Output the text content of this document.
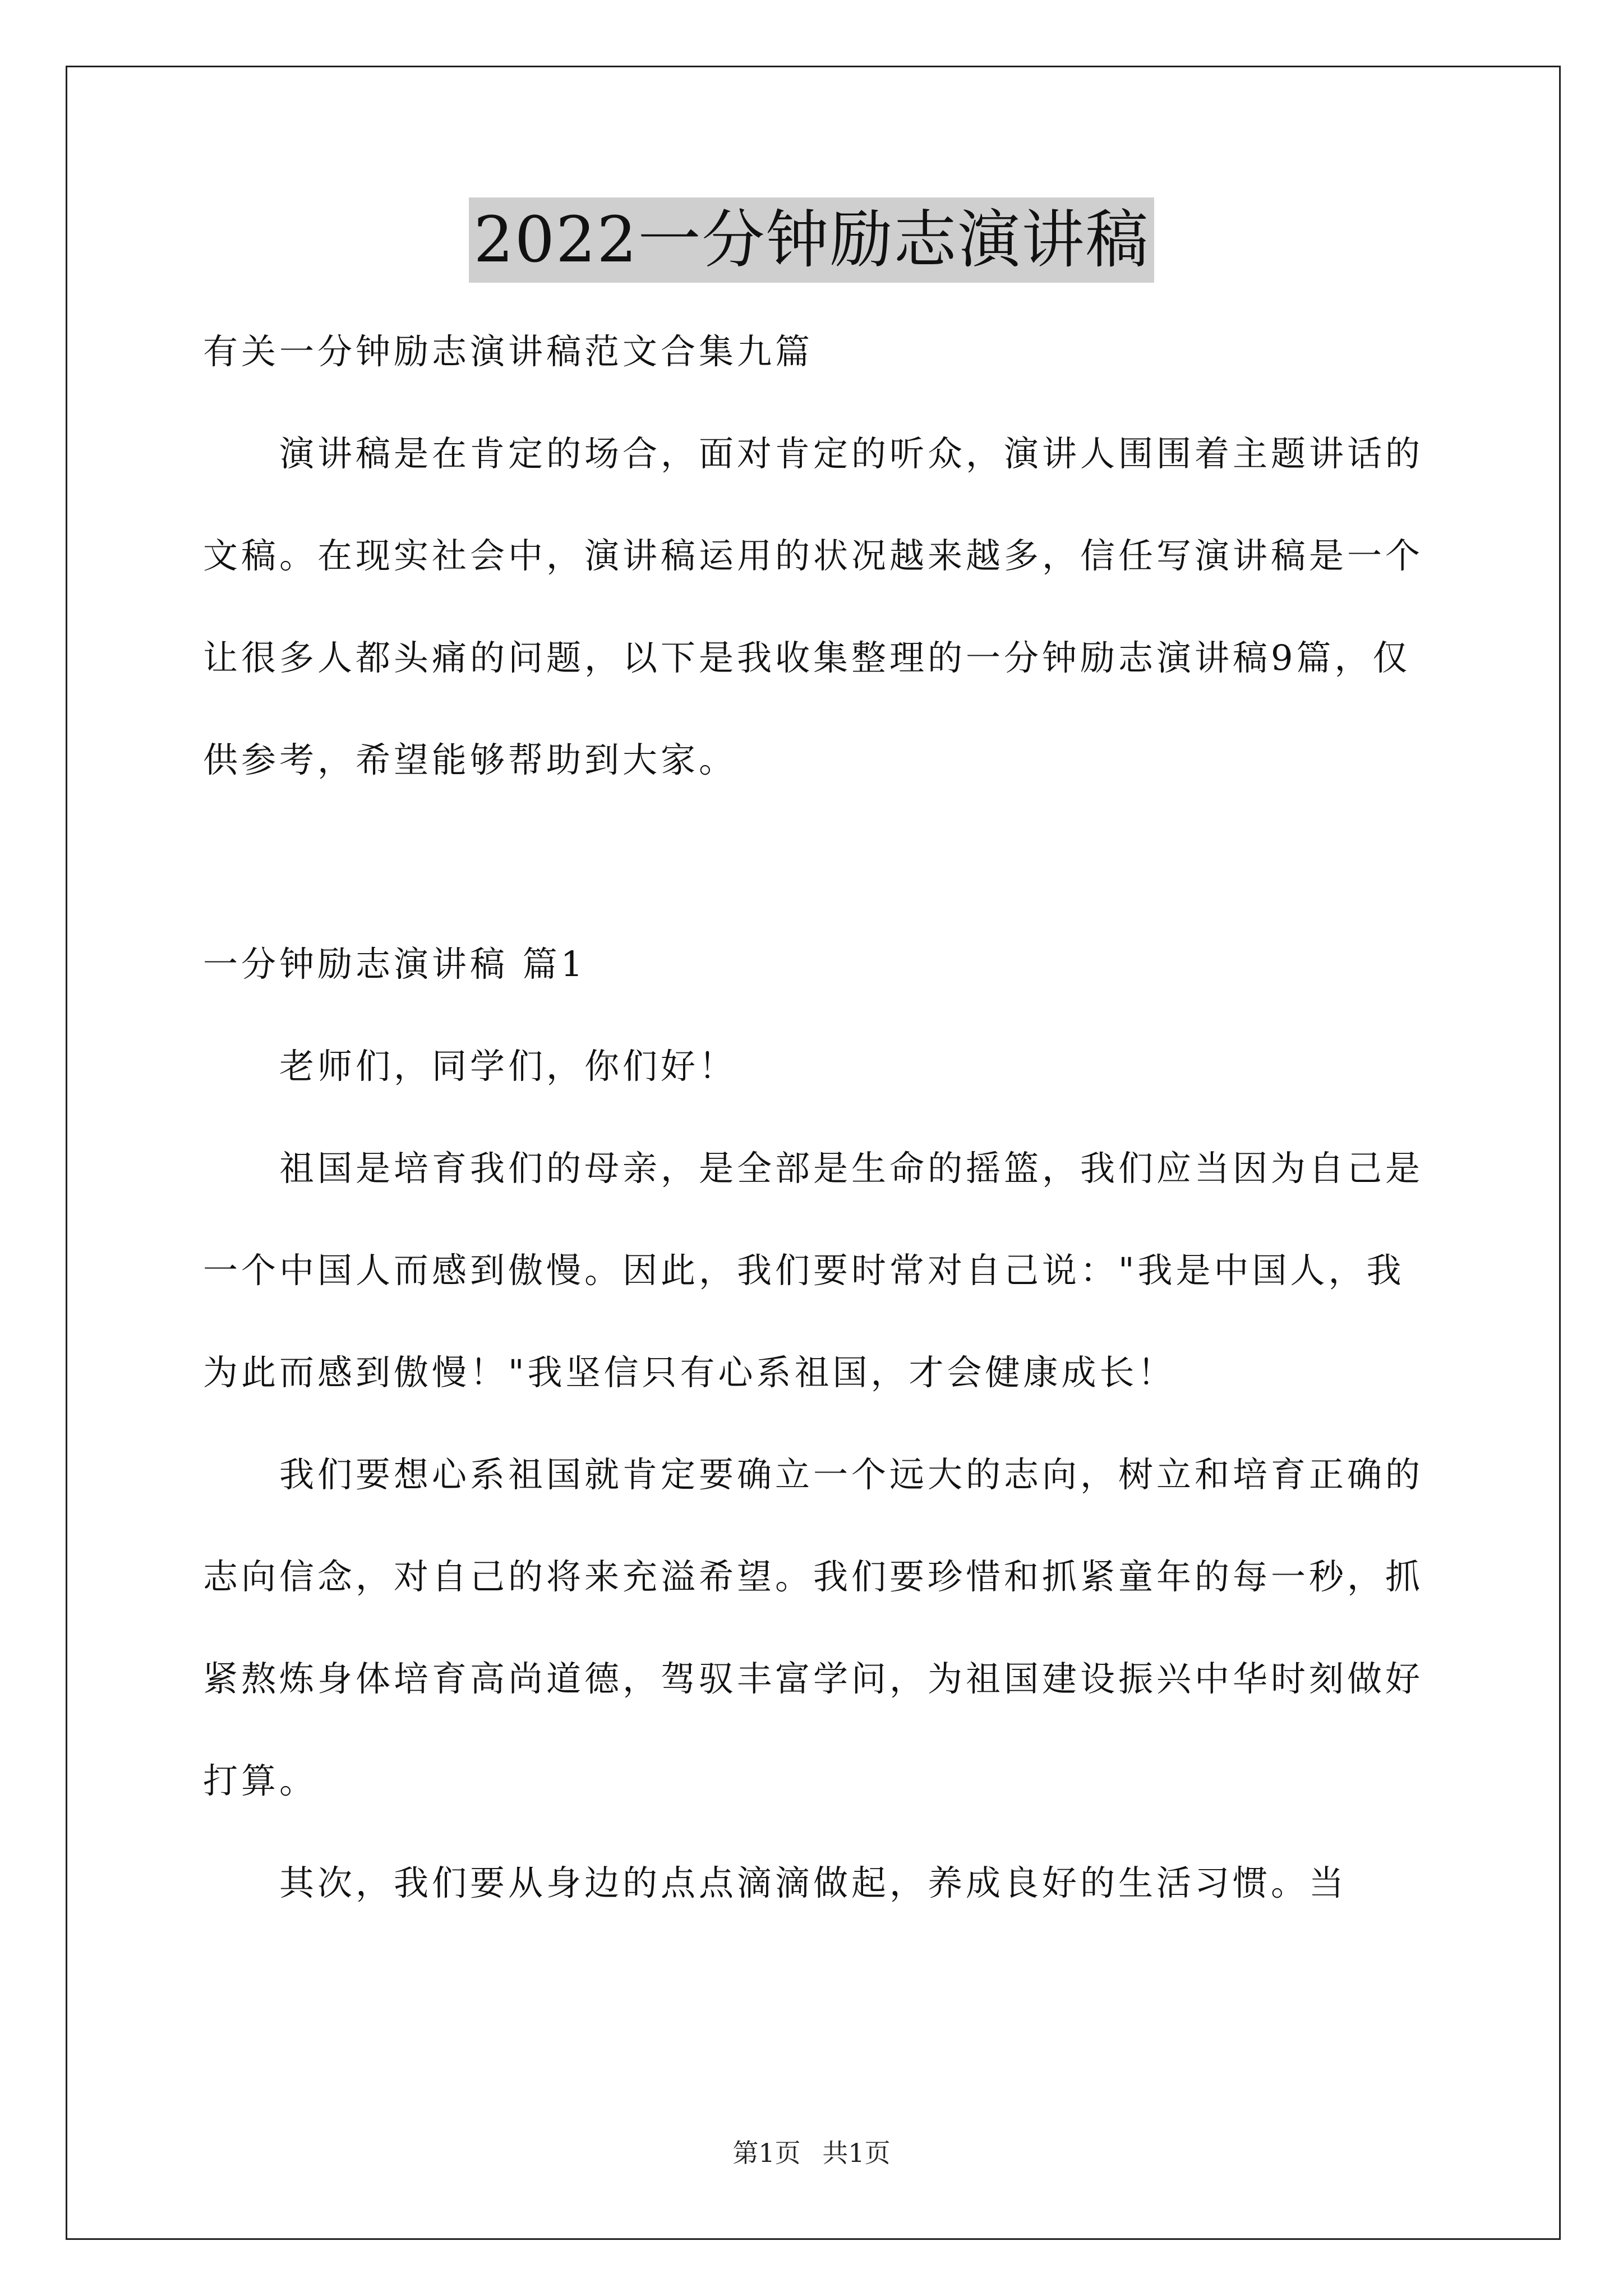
2022一分钟励志演讲稿

有关一分钟励志演讲稿范文合集九篇

演讲稿是在肯定的场合，面对肯定的听众，演讲人围围着主题讲话的文稿。在现实社会中，演讲稿运用的状况越来越多，信任写演讲稿是一个让很多人都头痛的问题，以下是我收集整理的一分钟励志演讲稿9篇，仅供参考，希望能够帮助到大家。

一分钟励志演讲稿 篇1

老师们，同学们，你们好！

祖国是培育我们的母亲，是全部是生命的摇篮，我们应当因为自己是一个中国人而感到傲慢。因此，我们要时常对自己说："我是中国人，我为此而感到傲慢！"我坚信只有心系祖国，才会健康成长！

我们要想心系祖国就肯定要确立一个远大的志向，树立和培育正确的志向信念，对自己的将来充溢希望。我们要珍惜和抓紧童年的每一秒，抓紧熬炼身体培育高尚道德，驾驭丰富学问，为祖国建设振兴中华时刻做好打算。

其次，我们要从身边的点点滴滴做起，养成良好的生活习惯。当

第1页 共1页
